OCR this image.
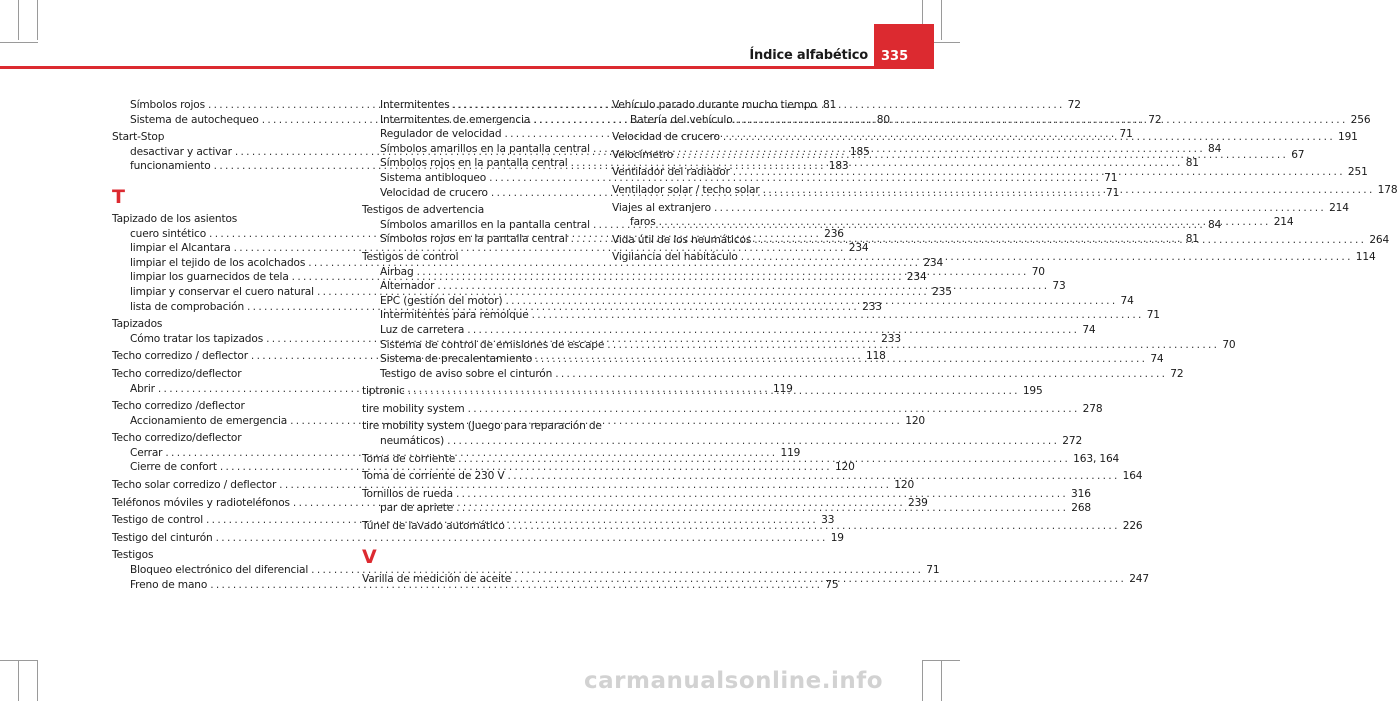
Índice alfabético 335
Símbolos rojos .....	81
Sistema de autochequeo .....	80
Start-Stop
desactivar y activar .....	185
funcionamiento .....	183
T
Tapizado de los asientos
cuero sintético .....	236
limpiar el Alcantara .....	234
limpiar el tejido de los acolchados .....	234
limpiar los guarnecidos de tela .....	234
limpiar y conservar el cuero natural .....	235
lista de comprobación .....	233
Tapizados
Cómo tratar los tapizados .....	233
Techo corredizo / deflector .....	118
Techo corredizo/deflector
Abrir .....	119
Techo corredizo /deflector
Accionamiento de emergencia .....	120
Techo corredizo/deflector
Cerrar .....	119
Cierre de confort .....	120
Techo solar corredizo / deflector .....	120
Teléfonos móviles y radioteléfonos .....	239
Testigo de control .....	33
Testigo del cinturón .....	19
Testigos
Bloqueo electrónico del diferencial .....	71
Freno de mano .....	75
Intermitentes .....	72
Intermitentes de emergencia .....	72
Regulador de velocidad .....	71
Símbolos amarillos en la pantalla central .....	84
Símbolos rojos en la pantalla central .....	81
Sistema antibloqueo .....	71
Velocidad de crucero .....	71
Testigos de advertencia
Símbolos amarillos en la pantalla central .....	84
Símbolos rojos en la pantalla central .....	81
Testigos de control
Airbag .....	70
Alternador .....	73
EPC (gestión del motor) .....	74
Intermitentes para remolque .....	71
Luz de carretera .....	74
Sistema de control de emisiones de escape .....	70
Sistema de precalentamiento .....	74
Testigo de aviso sobre el cinturón .....	72
tiptronic .....	195
tire mobility system .....	278
tire mobility system (Juego para reparación de
neumáticos) .....	272
Toma de corriente .....	163, 164
Toma de corriente de 230 V .....	164
Tornillos de rueda .....	316
par de apriete .....	268
Túnel de lavado automático .....	226
V
Varilla de medición de aceite .....	247
Vehículo parado durante mucho tiempo
Batería del vehículo .....	256
Velocidad de crucero .....	191
Velocímetro .....	67
Ventilador del radiador .....	251
Ventilador solar / techo solar .....	178
Viajes al extranjero .....	214
faros .....	214
Vida útil de los neumáticos .....	264
Vigilancia del habitáculo .....	114
carmanualsonline.info
